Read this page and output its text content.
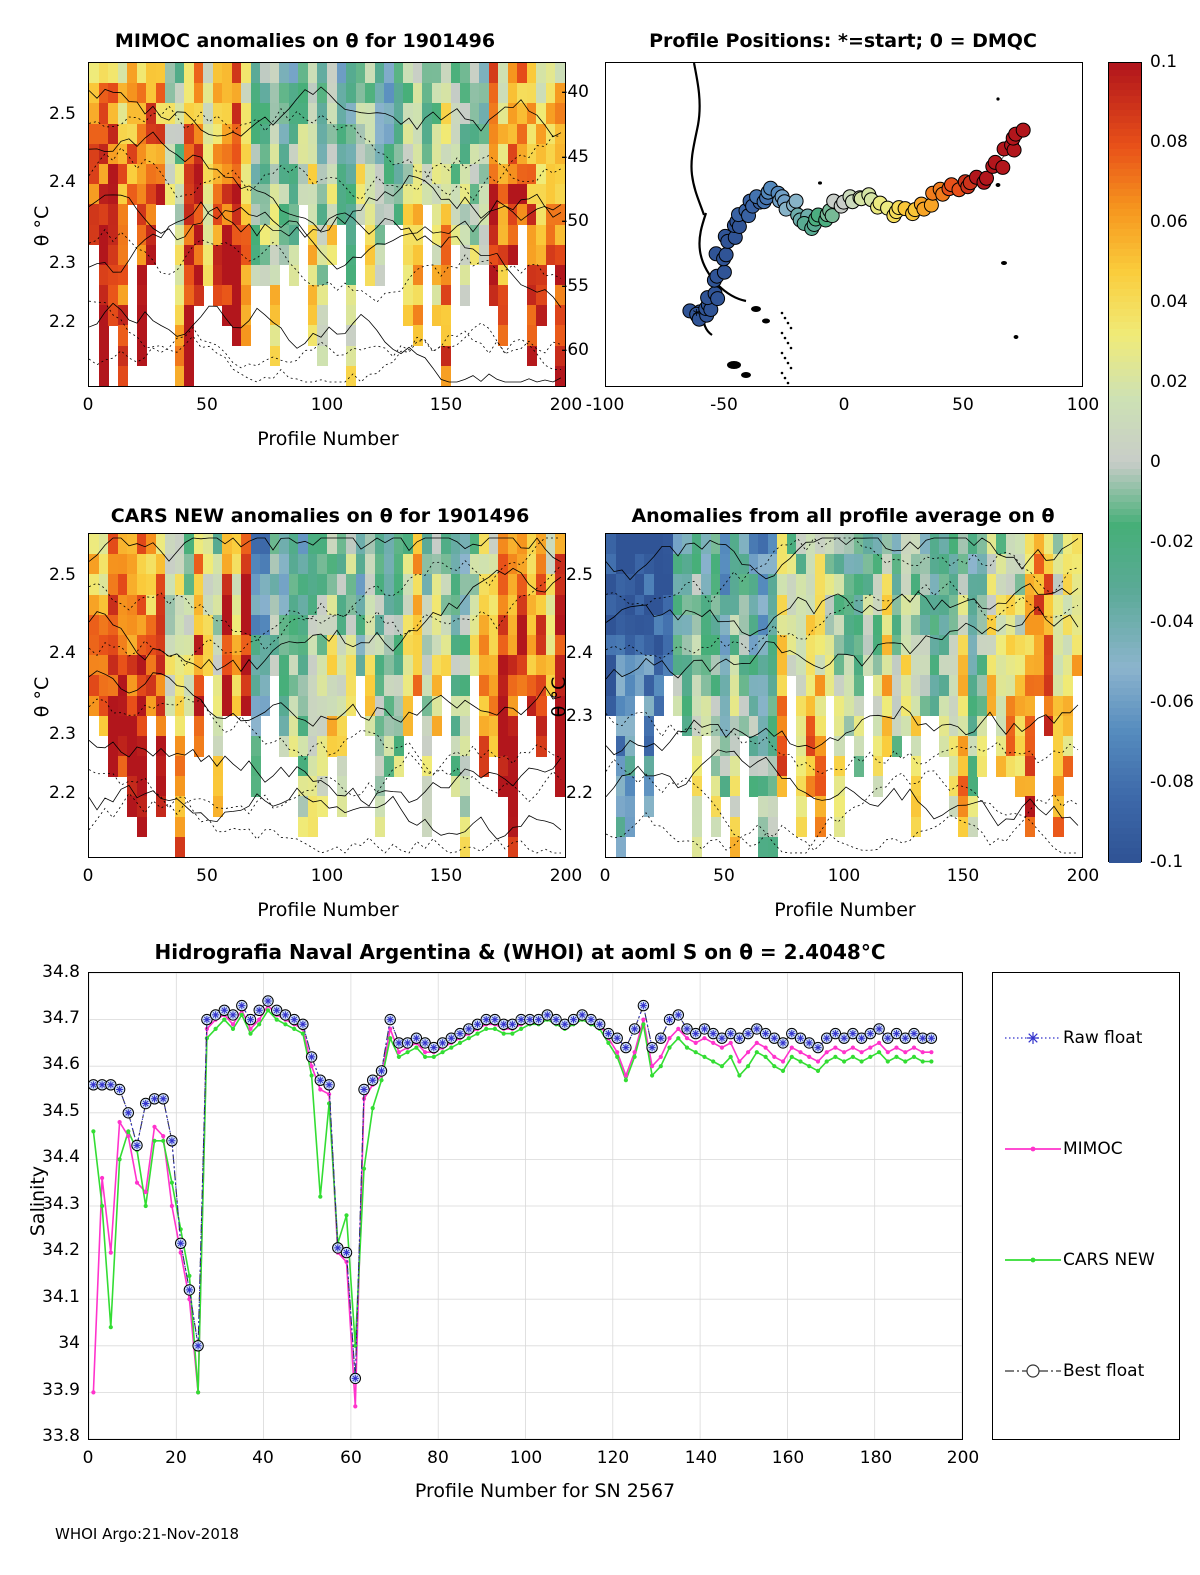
MIMOC anomalies on θ for 1901496
θ °C
Profile Number
2.2
2.3
2.4
2.5
0	50	100	150	200
Profile Positions: *=start; 0 = DMQC
*
-60
-55
-50
-45
-40
-100	-50	0	50	100
CARS NEW anomalies on θ for 1901496
θ °C
Profile Number
2.2
2.3
2.4
2.5
0	50	100	150	200
Anomalies from all profile average on θ
θ °C
Profile Number
2.2
2.3
2.4
2.5
0	50	100	150	200
0.1
0.08
0.06
0.04
0.02
0
-0.02
-0.04
-0.06
-0.08
-0.1
Hidrografia Naval Argentina & (WHOI) at aoml S on θ = 2.4048°C
Salinity
Profile Number for SN 2567
33.8
33.9
34
34.1
34.2
34.3
34.4
34.5
34.6
34.7
34.8
0	20	40	60	80	100	120	140	160	180	200
Raw float
MIMOC
CARS NEW
Best float
WHOI Argo:21-Nov-2018
